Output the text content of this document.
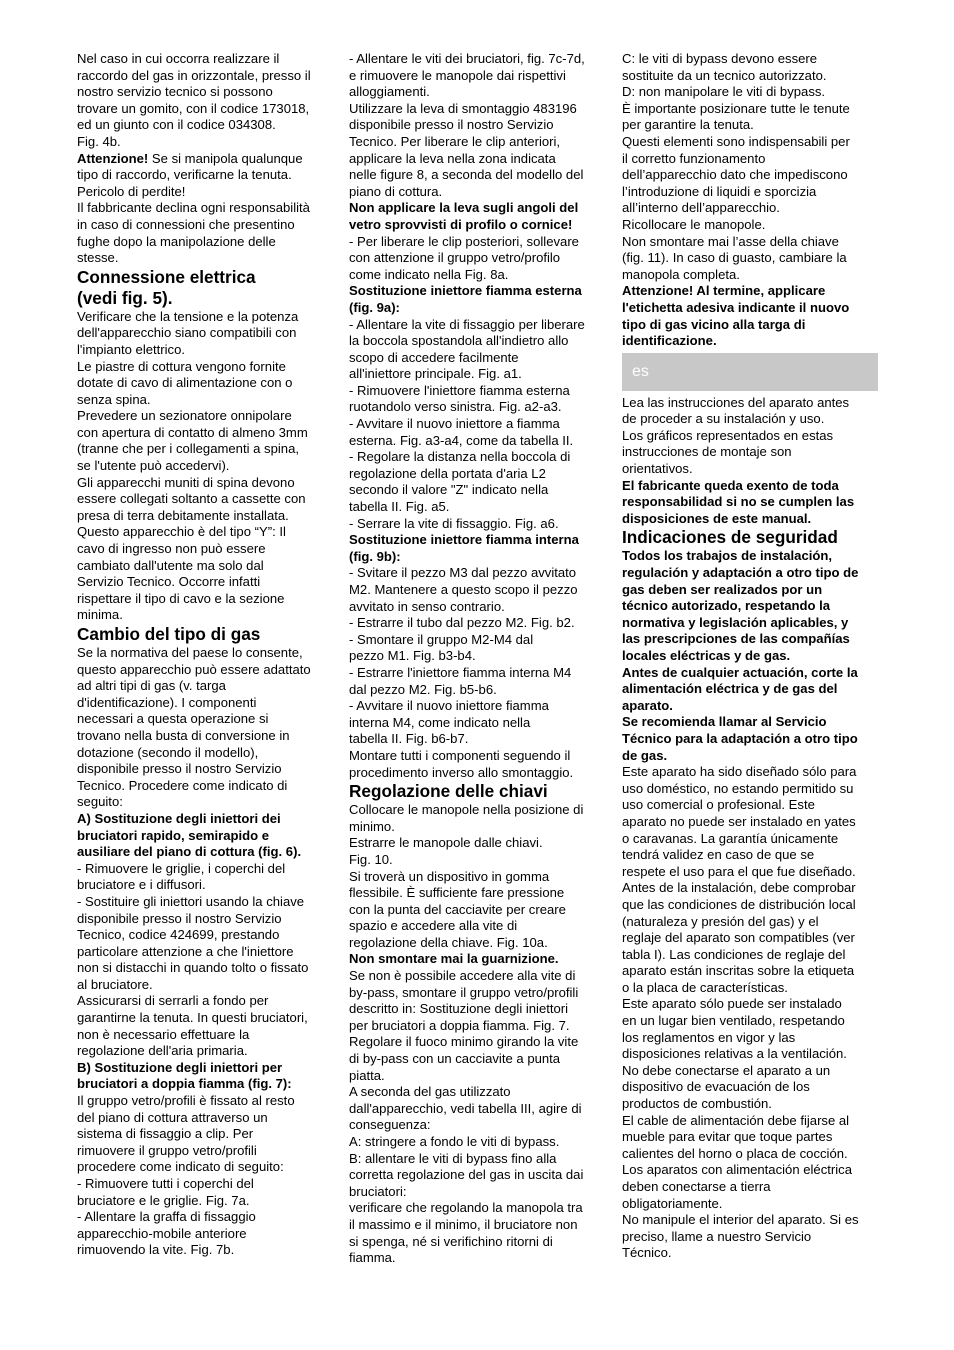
Nel caso in cui occorra realizzare il
raccordo del gas in orizzontale, presso il
nostro servizio tecnico si possono
trovare un gomito, con il codice 173018,
ed un giunto con il codice 034308.
Fig. 4b.

Attenzione! Se si manipola qualunque
tipo di raccordo, verificarne la tenuta.
Pericolo di perdite!

Il fabbricante declina ogni responsabilità
in caso di connessioni che presentino
fughe dopo la manipolazione delle
stesse.

Connessione elettrica
(vedi fig. 5).

Verificare che la tensione e la potenza
dell'apparecchio siano compatibili con
l'impianto elettrico.
Le piastre di cottura vengono fornite
dotate di cavo di alimentazione con o
senza spina.
Prevedere un sezionatore onnipolare
con apertura di contatto di almeno 3mm
(tranne che per i collegamenti a spina,
se l'utente può accedervi).
Gli apparecchi muniti di spina devono
essere collegati soltanto a cassette con
presa di terra debitamente installata.
Questo apparecchio è del tipo “Y”: Il
cavo di ingresso non può essere
cambiato dall'utente ma solo dal
Servizio Tecnico. Occorre infatti
rispettare il tipo di cavo e la sezione
minima.

Cambio del tipo di gas

Se la normativa del paese lo consente,
questo apparecchio può essere adattato
ad altri tipi di gas (v. targa
d'identificazione). I componenti
necessari a questa operazione si
trovano nella busta di conversione in
dotazione (secondo il modello),
disponibile presso il nostro Servizio
Tecnico. Procedere come indicato di
seguito:

A) Sostituzione degli iniettori dei
bruciatori rapido, semirapido e
ausiliare del piano di cottura (fig. 6).

- Rimuovere le griglie, i coperchi del
bruciatore e i diffusori.
- Sostituire gli iniettori usando la chiave
disponibile presso il nostro Servizio
Tecnico, codice 424699, prestando
particolare attenzione a che l'iniettore
non si distacchi in quando tolto o fissato
al bruciatore.
Assicurarsi di serrarli a fondo per
garantirne la tenuta. In questi bruciatori,
non è necessario effettuare la
regolazione dell'aria primaria.

B) Sostituzione degli iniettori per
bruciatori a doppia fiamma (fig. 7):

Il gruppo vetro/profili è fissato al resto
del piano di cottura attraverso un
sistema di fissaggio a clip. Per
rimuovere il gruppo vetro/profili
procedere come indicato di seguito:
- Rimuovere tutti i coperchi del
bruciatore e le griglie. Fig. 7a.
- Allentare la graffa di fissaggio
apparecchio-mobile anteriore
rimuovendo la vite. Fig. 7b.

- Allentare le viti dei bruciatori, fig. 7c-7d,
e rimuovere le manopole dai rispettivi
alloggiamenti.
Utilizzare la leva di smontaggio 483196
disponibile presso il nostro Servizio
Tecnico. Per liberare le clip anteriori,
applicare la leva nella zona indicata
nelle figure 8, a seconda del modello del
piano di cottura.

Non applicare la leva sugli angoli del
vetro sprovvisti di profilo o cornice!

- Per liberare le clip posteriori, sollevare
con attenzione il gruppo vetro/profilo
come indicato nella Fig. 8a.

Sostituzione iniettore fiamma esterna
(fig. 9a):

- Allentare la vite di fissaggio per liberare
la boccola spostandola all'indietro allo
scopo di accedere facilmente
all'iniettore principale. Fig. a1.
- Rimuovere l'iniettore fiamma esterna
ruotandolo verso sinistra. Fig. a2-a3.
- Avvitare il nuovo iniettore a fiamma
esterna. Fig. a3-a4, come da tabella II.
- Regolare la distanza nella boccola di
regolazione della portata d'aria L2
secondo il valore "Z" indicato nella
tabella II. Fig. a5.
- Serrare la vite di fissaggio. Fig. a6.

Sostituzione iniettore fiamma interna
(fig. 9b):

- Svitare il pezzo M3 dal pezzo avvitato
M2. Mantenere a questo scopo il pezzo
avvitato in senso contrario.
- Estrarre il tubo dal pezzo M2. Fig. b2.
- Smontare il gruppo M2-M4 dal
pezzo M1. Fig. b3-b4.
- Estrarre l'iniettore fiamma interna M4
dal pezzo M2. Fig. b5-b6.
- Avvitare il nuovo iniettore fiamma
interna M4, come indicato nella
tabella II. Fig. b6-b7.
Montare tutti i componenti seguendo il
procedimento inverso allo smontaggio.

Regolazione delle chiavi

Collocare le manopole nella posizione di
minimo.
Estrarre le manopole dalle chiavi.
Fig. 10.
Si troverà un dispositivo in gomma
flessibile. È sufficiente fare pressione
con la punta del cacciavite per creare
spazio e accedere alla vite di
regolazione della chiave. Fig. 10a.

Non smontare mai la guarnizione.

Se non è possibile accedere alla vite di
by-pass, smontare il gruppo vetro/profili
descritto in: Sostituzione degli iniettori
per bruciatori a doppia fiamma. Fig. 7.
Regolare il fuoco minimo girando la vite
di by-pass con un cacciavite a punta
piatta.
A seconda del gas utilizzato
dall'apparecchio, vedi tabella III, agire di
conseguenza:
A: stringere a fondo le viti di bypass.
B: allentare le viti di bypass fino alla
corretta regolazione del gas in uscita dai
bruciatori:
verificare che regolando la manopola tra
il massimo e il minimo, il bruciatore non
si spenga, né si verifichino ritorni di
fiamma.

C: le viti di bypass devono essere
sostituite da un tecnico autorizzato.
D: non manipolare le viti di bypass.
È importante posizionare tutte le tenute
per garantire la tenuta.
Questi elementi sono indispensabili per
il corretto funzionamento
dell’apparecchio dato che impediscono
l’introduzione di liquidi e sporcizia
all’interno dell’apparecchio.
Ricollocare le manopole.
Non smontare mai l’asse della chiave
(fig. 11). In caso di guasto, cambiare la
manopola completa.

Attenzione! Al termine, applicare
l'etichetta adesiva indicante il nuovo
tipo di gas vicino alla targa di
identificazione.

es

Lea las instrucciones del aparato antes
de proceder a su instalación y uso.
Los gráficos representados en estas
instrucciones de montaje son
orientativos.

El fabricante queda exento de toda
responsabilidad si no se cumplen las
disposiciones de este manual.

Indicaciones de seguridad

Todos los trabajos de instalación,
regulación y adaptación a otro tipo de
gas deben ser realizados por un
técnico autorizado, respetando la
normativa y legislación aplicables, y
las prescripciones de las compañías
locales eléctricas y de gas.
Antes de cualquier actuación, corte la
alimentación eléctrica y de gas del
aparato.
Se recomienda llamar al Servicio
Técnico para la adaptación a otro tipo
de gas.

Este aparato ha sido diseñado sólo para
uso doméstico, no estando permitido su
uso comercial o profesional. Este
aparato no puede ser instalado en yates
o caravanas. La garantía únicamente
tendrá validez en caso de que se
respete el uso para el que fue diseñado.
Antes de la instalación, debe comprobar
que las condiciones de distribución local
(naturaleza y presión del gas) y el
reglaje del aparato son compatibles (ver
tabla I). Las condiciones de reglaje del
aparato están inscritas sobre la etiqueta
o la placa de características.
Este aparato sólo puede ser instalado
en un lugar bien ventilado, respetando
los reglamentos en vigor y las
disposiciones relativas a la ventilación.
No debe conectarse el aparato a un
dispositivo de evacuación de los
productos de combustión.
El cable de alimentación debe fijarse al
mueble para evitar que toque partes
calientes del horno o placa de cocción.
Los aparatos con alimentación eléctrica
deben conectarse a tierra
obligatoriamente.
No manipule el interior del aparato. Si es
preciso, llame a nuestro Servicio
Técnico.
